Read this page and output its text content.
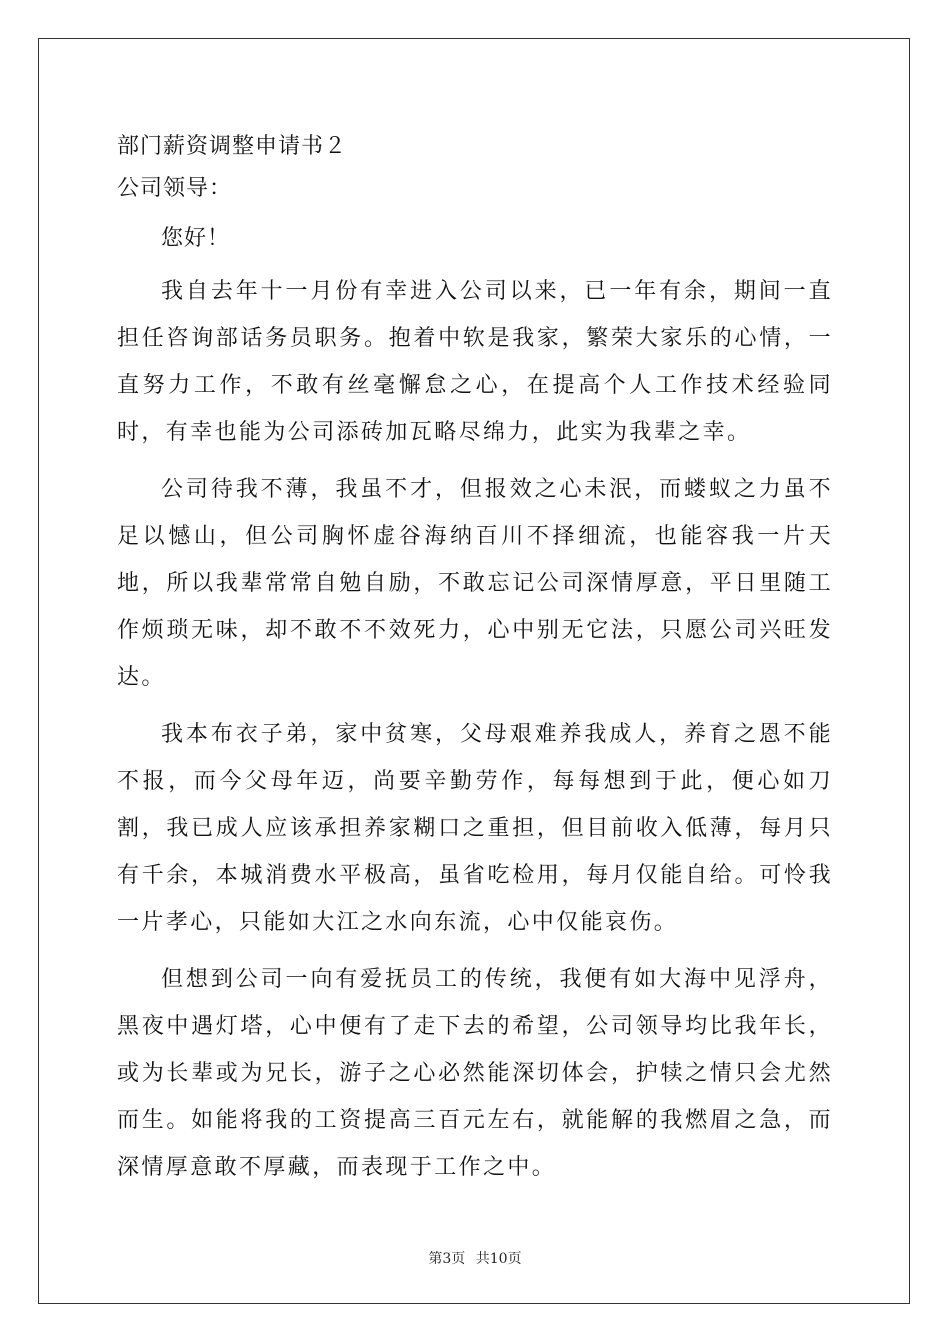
部门薪资调整申请书２

公司领导：

您好！

我自去年十一月份有幸进入公司以来，已一年有余，期间一直担任咨询部话务员职务。抱着中软是我家，繁荣大家乐的心情，一直努力工作，不敢有丝毫懈怠之心，在提高个人工作技术经验同时，有幸也能为公司添砖加瓦略尽绵力，此实为我辈之幸。

公司待我不薄，我虽不才，但报效之心未泯，而蝼蚁之力虽不足以憾山，但公司胸怀虚谷海纳百川不择细流，也能容我一片天地，所以我辈常常自勉自励，不敢忘记公司深情厚意，平日里随工作烦琐无味，却不敢不不效死力，心中别无它法，只愿公司兴旺发达。

我本布衣子弟，家中贫寒，父母艰难养我成人，养育之恩不能不报，而今父母年迈，尚要辛勤劳作，每每想到于此，便心如刀割，我已成人应该承担养家糊口之重担，但目前收入低薄，每月只有千余，本城消费水平极高，虽省吃检用，每月仅能自给。可怜我一片孝心，只能如大江之水向东流，心中仅能哀伤。

但想到公司一向有爱抚员工的传统，我便有如大海中见浮舟，黑夜中遇灯塔，心中便有了走下去的希望，公司领导均比我年长，或为长辈或为兄长，游子之心必然能深切体会，护犊之情只会尤然而生。如能将我的工资提高三百元左右，就能解的我燃眉之急，而深情厚意敢不厚藏，而表现于工作之中。

第3页 共10页
